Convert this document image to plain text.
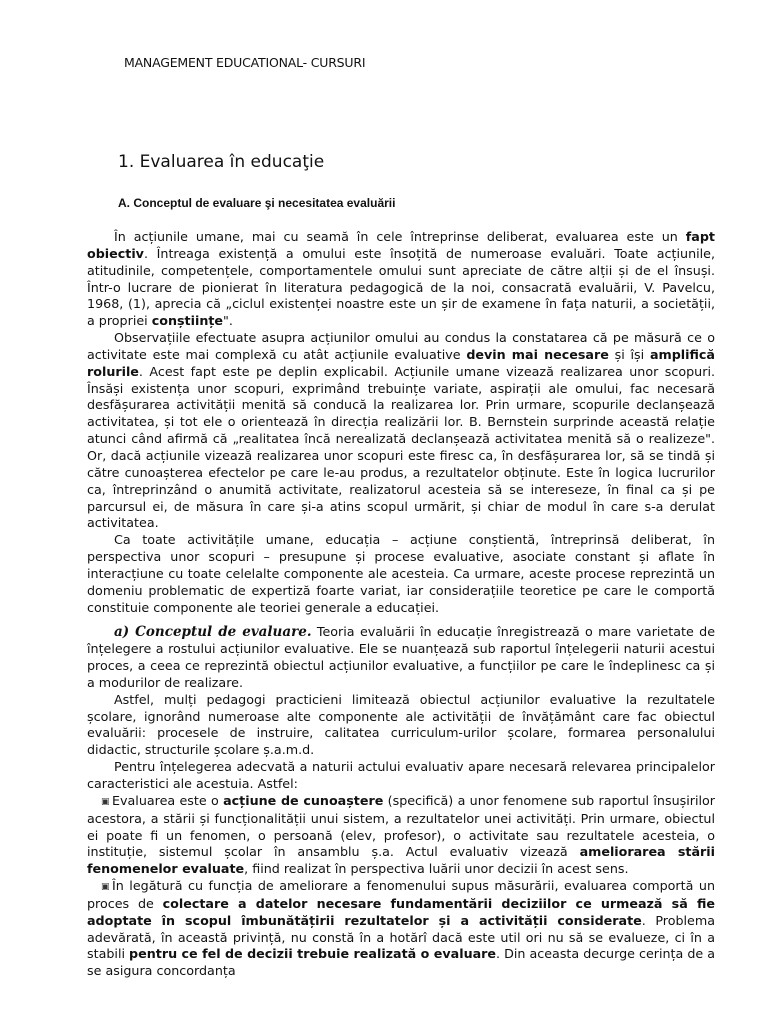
MANAGEMENT EDUCATIONAL- CURSURI
1. Evaluarea în educaţie
A. Conceptul de evaluare şi necesitatea evaluării

În acțiunile umane, mai cu seamă în cele întreprinse deliberat, evaluarea este un fapt obiectiv. Întreaga existență a omului este însoțită de numeroase evaluări. Toate acțiunile, atitudinile, competențele, comportamentele omului sunt apreciate de către alții și de el însuși. Într-o lucrare de pionierat în literatura pedagogică de la noi, consacrată evaluării, V. Pavelcu, 1968, (1), aprecia că „ciclul existenței noastre este un șir de examene în fața naturii, a societății, a propriei conștiințe".

Observațiile efectuate asupra acțiunilor omului au condus la constatarea că pe măsură ce o activitate este mai complexă cu atât acțiunile evaluative devin mai necesare și își amplifică rolurile. Acest fapt este pe deplin explicabil. Acțiunile umane vizează realizarea unor scopuri. Însăși existența unor scopuri, exprimând trebuințe variate, aspirații ale omului, fac necesară desfășurarea activității menită să conducă la realizarea lor. Prin urmare, scopurile declanșează activitatea, și tot ele o orientează în direcția realizării lor. B. Bernstein surprinde această relație atunci când afirmă că „realitatea încă nerealizată declanșează activitatea menită să o realizeze". Or, dacă acțiunile vizează realizarea unor scopuri este firesc ca, în desfășurarea lor, să se tindă și către cunoașterea efectelor pe care le-au produs, a rezultatelor obținute. Este în logica lucrurilor ca, întreprinzând o anumită activitate, realizatorul acesteia să se intereseze, în final ca și pe parcursul ei, de măsura în care și-a atins scopul urmărit, și chiar de modul în care s-a derulat activitatea.

Ca toate activitățile umane, educația – acțiune conștientă, întreprinsă deliberat, în perspectiva unor scopuri – presupune și procese evaluative, asociate constant și aflate în interacțiune cu toate celelalte componente ale acesteia. Ca urmare, aceste procese reprezintă un domeniu problematic de expertiză foarte variat, iar considerațiile teoretice pe care le comportă constituie componente ale teoriei generale a educației.

a) Conceptul de evaluare. Teoria evaluării în educație înregistrează o mare varietate de înțelegere a rostului acțiunilor evaluative. Ele se nuanțează sub raportul înțelegerii naturii acestui proces, a ceea ce reprezintă obiectul acțiunilor evaluative, a funcțiilor pe care le îndeplinesc ca și a modurilor de realizare.

Astfel, mulți pedagogi practicieni limitează obiectul acțiunilor evaluative la rezultatele școlare, ignorând numeroase alte componente ale activității de învățământ care fac obiectul evaluării: procesele de instruire, calitatea curriculum-urilor școlare, formarea personalului didactic, structurile școlare ș.a.m.d.

Pentru înțelegerea adecvată a naturii actului evaluativ apare necesară relevarea principalelor caracteristici ale acestuia. Astfel:

▣ Evaluarea este o acțiune de cunoaștere (specifică) a unor fenomene sub raportul însușirilor acestora, a stării și funcționalității unui sistem, a rezultatelor unei activități. Prin urmare, obiectul ei poate fi un fenomen, o persoană (elev, profesor), o activitate sau rezultatele acesteia, o instituție, sistemul școlar în ansamblu ș.a. Actul evaluativ vizează ameliorarea stării fenomenelor evaluate, fiind realizat în perspectiva luării unor decizii în acest sens.

▣ În legătură cu funcția de ameliorare a fenomenului supus măsurării, evaluarea comportă un proces de colectare a datelor necesare fundamentării deciziilor ce urmează să fie adoptate în scopul îmbunătățirii rezultatelor și a activității considerate. Problema adevărată, în această privință, nu constă în a hotărî dacă este util ori nu să se evalueze, ci în a stabili pentru ce fel de decizii trebuie realizată o evaluare. Din aceasta decurge cerința de a se asigura concordanța
